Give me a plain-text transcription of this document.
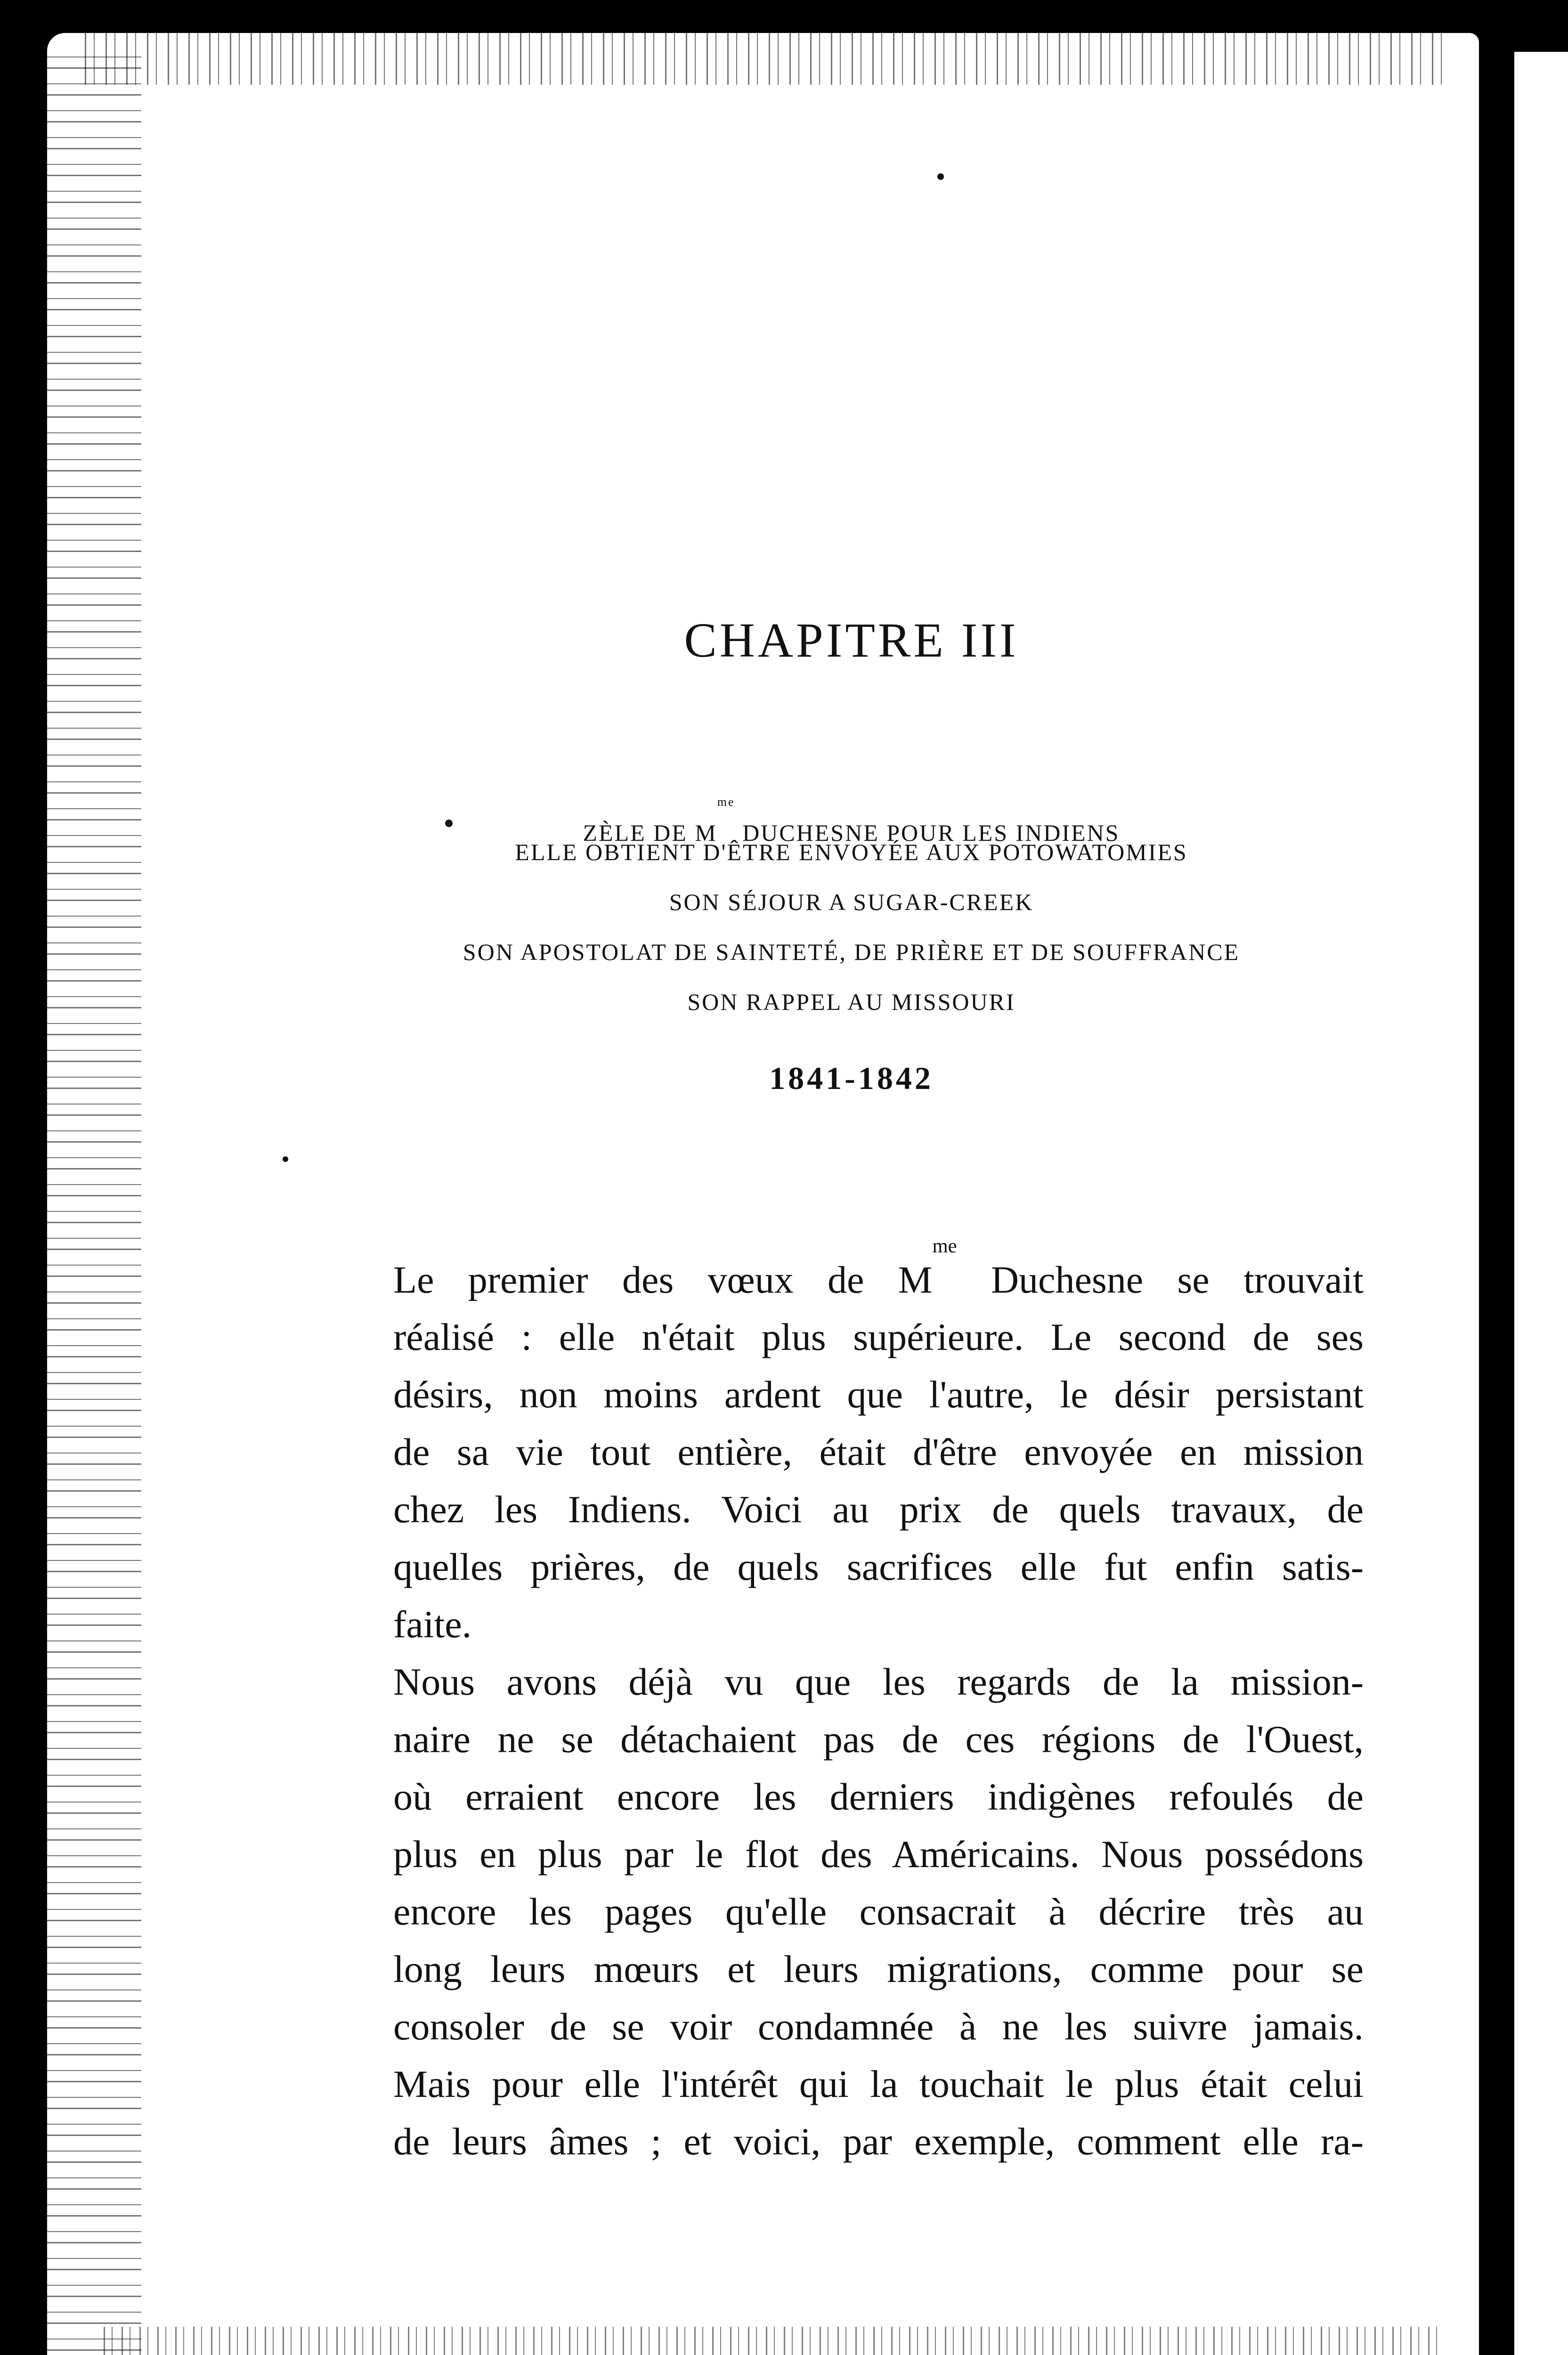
CHAPITRE III
ZÈLE DE $M^{me}$ DUCHESNE POUR LES INDIENS
ELLE OBTIENT D'ÊTRE ENVOYÉE AUX POTOWATOMIES
SON SÉJOUR A SUGAR-CREEK
SON APOSTOLAT DE SAINTETÉ, DE PRIÈRE ET DE SOUFFRANCE
SON RAPPEL AU MISSOURI
1841-1842

Le premier des vœux de $M^{me}$ Duchesne se trouvait
réalisé : elle n'était plus supérieure. Le second de ses
désirs, non moins ardent que l'autre, le désir persistant
de sa vie tout entière, était d'être envoyée en mission
chez les Indiens. Voici au prix de quels travaux, de
quelles prières, de quels sacrifices elle fut enfin satis-
faite.

Nous avons déjà vu que les regards de la mission-
naire ne se détachaient pas de ces régions de l'Ouest,
où erraient encore les derniers indigènes refoulés de
plus en plus par le flot des Américains. Nous possédons
encore les pages qu'elle consacrait à décrire très au
long leurs mœurs et leurs migrations, comme pour se
consoler de se voir condamnée à ne les suivre jamais.
Mais pour elle l'intérêt qui la touchait le plus était celui
de leurs âmes ; et voici, par exemple, comment elle ra-
